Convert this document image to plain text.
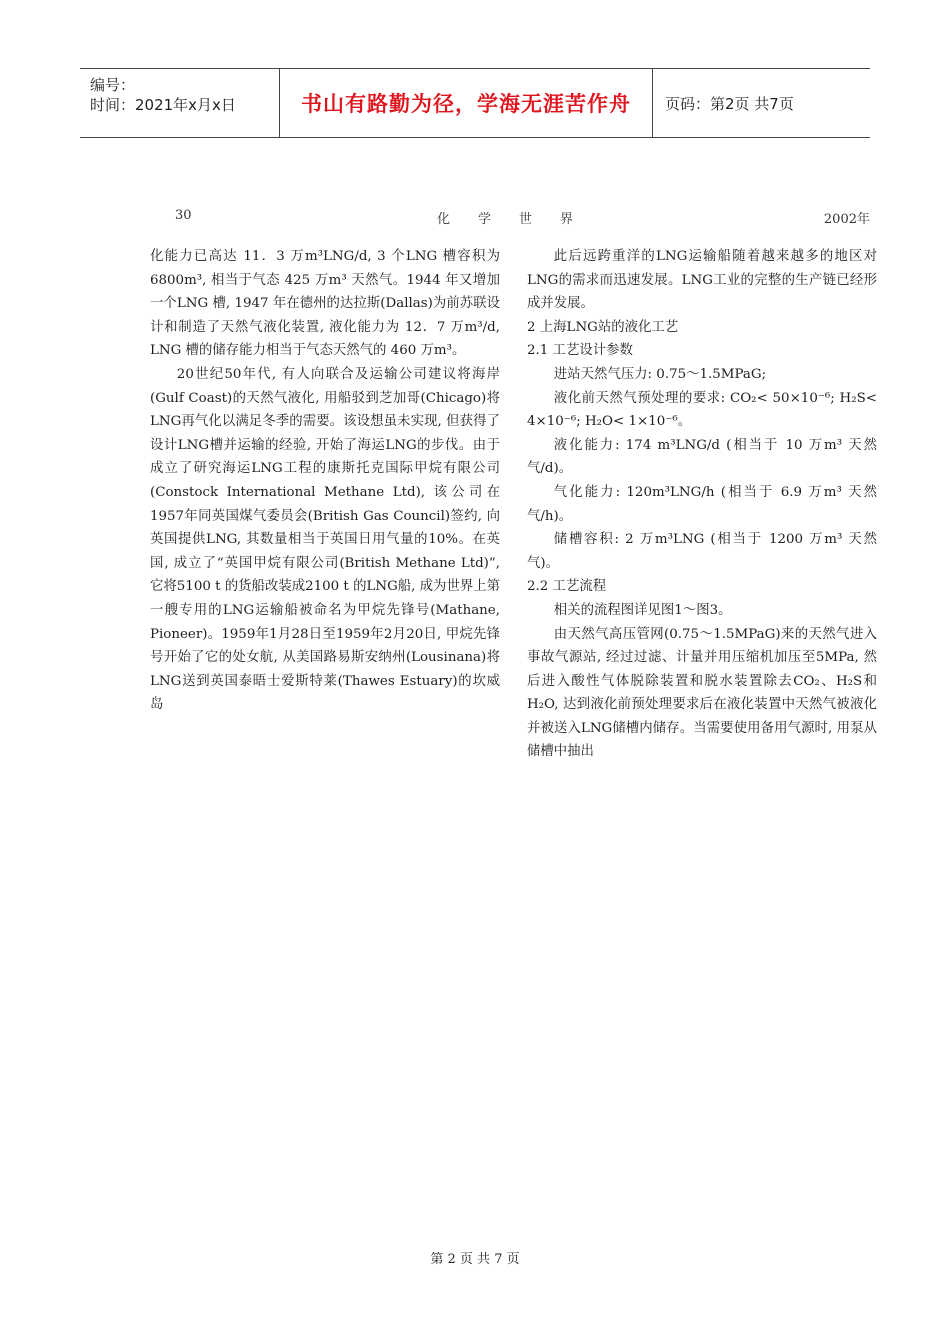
编号：
时间：2021年x月x日	书山有路勤为径，学海无涯苦作舟	页码：第2页 共7页
30	化学世界	2002年

化能力已高达 11．3 万m³LNG/d, 3 个LNG 槽容积为6800m³, 相当于气态 425 万m³ 天然气。1944 年又增加一个LNG 槽, 1947 年在德州的达拉斯(Dallas)为前苏联设计和制造了天然气液化装置, 液化能力为 12．7 万m³/d, LNG 槽的储存能力相当于气态天然气的 460 万m³。

20世纪50年代, 有人向联合及运输公司建议将海岸(Gulf Coast)的天然气液化, 用船驳到芝加哥(Chicago)将LNG再气化以满足冬季的需要。该设想虽未实现, 但获得了设计LNG槽并运输的经验, 开始了海运LNG的步伐。由于成立了研究海运LNG工程的康斯托克国际甲烷有限公司(Constock International Methane Ltd), 该公司在1957年同英国煤气委员会(British Gas Council)签约, 向英国提供LNG, 其数量相当于英国日用气量的10%。在英国, 成立了“英国甲烷有限公司(British Methane Ltd)”, 它将5100 t 的货船改装成2100 t 的LNG船, 成为世界上第一艘专用的LNG运输船被命名为甲烷先锋号(Mathane, Pioneer)。1959年1月28日至1959年2月20日, 甲烷先锋号开始了它的处女航, 从美国路易斯安纳州(Lousinana)将LNG送到英国泰晤士爱斯特莱(Thawes Estuary)的坎威岛

此后远跨重洋的LNG运输船随着越来越多的地区对LNG的需求而迅速发展。LNG工业的完整的生产链已经形成并发展。

2 上海LNG站的液化工艺

2.1 工艺设计参数

进站天然气压力: 0.75～1.5MPaG;

液化前天然气预处理的要求: CO₂< 50×10⁻⁶; H₂S< 4×10⁻⁶; H₂O< 1×10⁻⁶。

液化能力: 174 m³LNG/d (相当于 10 万m³ 天然气/d)。

气化能力: 120m³LNG/h (相当于 6.9 万m³ 天然气/h)。

储槽容积: 2 万m³LNG (相当于 1200 万m³ 天然气)。

2.2 工艺流程

相关的流程图详见图1～图3。

由天然气高压管网(0.75～1.5MPaG)来的天然气进入事故气源站, 经过过滤、计量并用压缩机加压至5MPa, 然后进入酸性气体脱除装置和脱水装置除去CO₂、H₂S和H₂O, 达到液化前预处理要求后在液化装置中天然气被液化并被送入LNG储槽内储存。当需要使用备用气源时, 用泵从储槽中抽出

第 2 页 共 7 页
